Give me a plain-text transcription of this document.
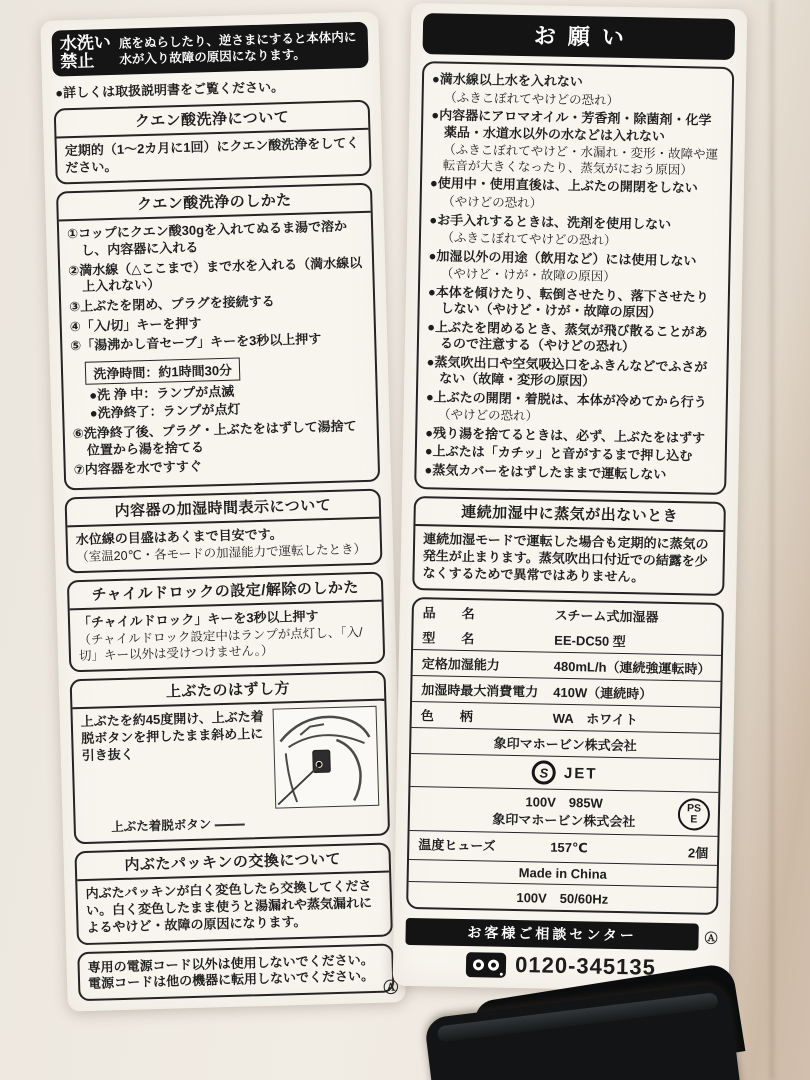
水洗い
禁止
底をぬらしたり、逆さまにすると本体内に水が入り故障の原因になります。
●詳しくは取扱説明書をご覧ください。
クエン酸洗浄について
定期的（1〜2カ月に1回）にクエン酸洗浄をしてください。
クエン酸洗浄のしかた
①コップにクエン酸30gを入れてぬるま湯で溶かし、内容器に入れる
②満水線（△ここまで）まで水を入れる（満水線以上入れない）
③上ぶたを閉め、プラグを接続する
④「入/切」キーを押す
⑤「湯沸かし音セーブ」キーを3秒以上押す
洗浄時間：約1時間30分
●洗 浄 中：ランプが点滅
●洗浄終了：ランプが点灯
⑥洗浄終了後、プラグ・上ぶたをはずして湯捨て位置から湯を捨てる
⑦内容器を水ですすぐ
内容器の加湿時間表示について
水位線の目盛はあくまで目安です。
（室温20℃・各モードの加湿能力で運転したとき）
チャイルドロックの設定/解除のしかた
「チャイルドロック」キーを3秒以上押す
（チャイルドロック設定中はランプが点灯し、「入/切」キー以外は受けつけません。）
上ぶたのはずし方
上ぶたを約45度開け、上ぶた着脱ボタンを押したまま斜め上に引き抜く
上ぶた着脱ボタン
内ぶたパッキンの交換について
内ぶたパッキンが白く変色したら交換してください。白く変色したまま使うと湯漏れや蒸気漏れによるやけど・故障の原因になります。
専用の電源コード以外は使用しないでください。
電源コードは他の機器に転用しないでください。 Ⓐ
お願い
●満水線以上水を入れない
（ふきこぼれてやけどの恐れ）
●内容器にアロマオイル・芳香剤・除菌剤・化学薬品・水道水以外の水などは入れない
（ふきこぼれてやけど・水漏れ・変形・故障や運転音が大きくなったり、蒸気がにおう原因）
●使用中・使用直後は、上ぶたの開閉をしない
（やけどの恐れ）
●お手入れするときは、洗剤を使用しない
（ふきこぼれてやけどの恐れ）
●加湿以外の用途（飲用など）には使用しない
（やけど・けが・故障の原因）
●本体を傾けたり、転倒させたり、落下させたりしない（やけど・けが・故障の原因）
●上ぶたを閉めるとき、蒸気が飛び散ることがあるので注意する（やけどの恐れ）
●蒸気吹出口や空気吸込口をふきんなどでふさがない（故障・変形の原因）
●上ぶたの開閉・着脱は、本体が冷めてから行う
（やけどの恐れ）
●残り湯を捨てるときは、必ず、上ぶたをはずす
●上ぶたは「カチッ」と音がするまで押し込む
●蒸気カバーをはずしたままで運転しない
連続加湿中に蒸気が出ないとき
連続加湿モードで運転した場合も定期的に蒸気の発生が止まります。蒸気吹出口付近での結露を少なくするためで異常ではありません。
品　　名	スチーム式加湿器
型　　名	EE-DC50 型
定格加湿能力	480mL/h（連続強運転時）
加湿時最大消費電力	410W（連続時）
色　　柄	WA　ホワイト
象印マホービン株式会社
S	JET
100V　985W
象印マホービン株式会社
PS
E
温度ヒューズ	157℃	2個
Made in China
100V　50/60Hz
お客様ご相談センター	Ⓐ
0120-345135
